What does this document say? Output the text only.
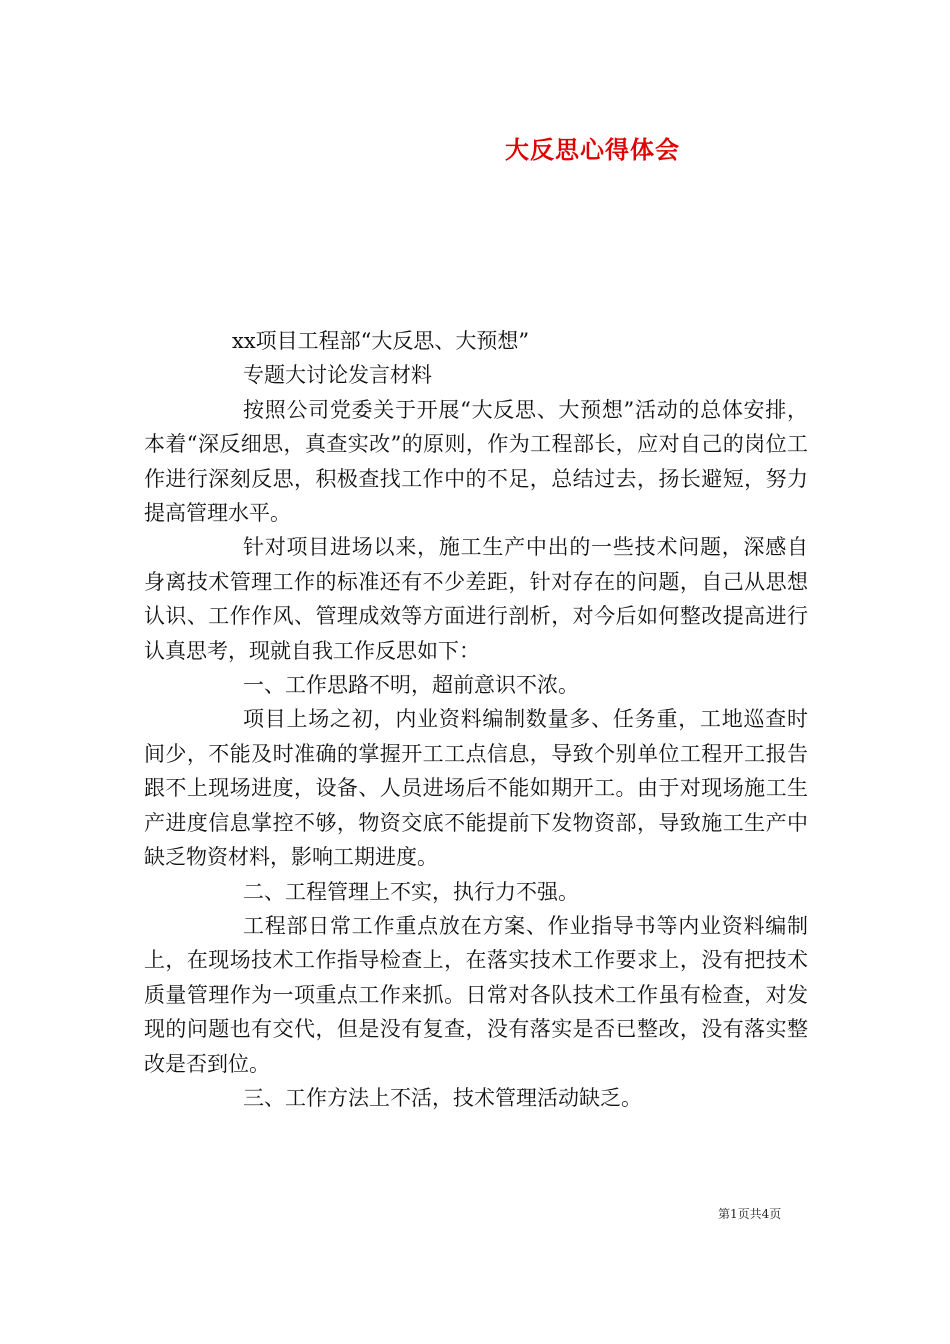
大反思心得体会

xx项目工程部“大反思、大预想”

专题大讨论发言材料

按照公司党委关于开展“大反思、大预想”活动的总体安排，本着“深反细思，真查实改”的原则，作为工程部长，应对自己的岗位工作进行深刻反思，积极查找工作中的不足，总结过去，扬长避短，努力提高管理水平。

针对项目进场以来，施工生产中出的一些技术问题，深感自身离技术管理工作的标准还有不少差距，针对存在的问题，自己从思想认识、工作作风、管理成效等方面进行剖析，对今后如何整改提高进行认真思考，现就自我工作反思如下：

一、工作思路不明，超前意识不浓。

项目上场之初，内业资料编制数量多、任务重，工地巡查时间少，不能及时准确的掌握开工工点信息，导致个别单位工程开工报告跟不上现场进度，设备、人员进场后不能如期开工。由于对现场施工生产进度信息掌控不够，物资交底不能提前下发物资部，导致施工生产中缺乏物资材料，影响工期进度。

二、工程管理上不实，执行力不强。

工程部日常工作重点放在方案、作业指导书等内业资料编制上，在现场技术工作指导检查上，在落实技术工作要求上，没有把技术质量管理作为一项重点工作来抓。日常对各队技术工作虽有检查，对发现的问题也有交代，但是没有复查，没有落实是否已整改，没有落实整改是否到位。

三、工作方法上不活，技术管理活动缺乏。

第1页共4页
